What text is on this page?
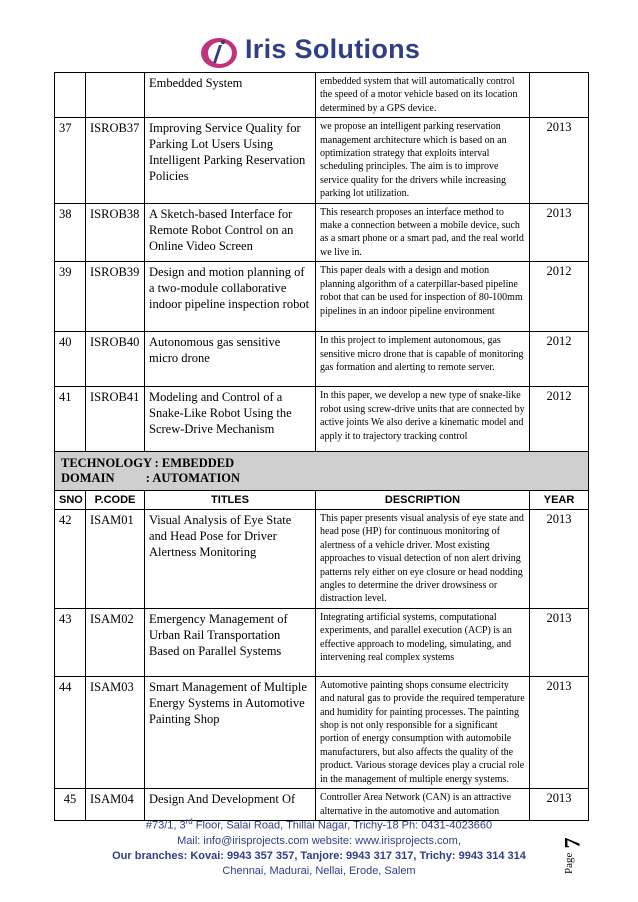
Iris Solutions
		Embedded System	embedded system that will automatically control the speed of a motor vehicle based on its location determined by a GPS device.	
37	ISROB37	Improving Service Quality for Parking Lot Users Using Intelligent Parking Reservation Policies	we propose an intelligent parking reservation management architecture which is based on an optimization strategy that exploits interval scheduling principles. The aim is to improve service quality for the drivers while increasing parking lot utilization.	2013
38	ISROB38	A Sketch-based Interface for Remote Robot Control on an Online Video Screen	This research proposes an interface method to make a connection between a mobile device, such as a smart phone or a smart pad, and the real world we live in.	2013
39	ISROB39	Design and motion planning of a two-module collaborative indoor pipeline inspection robot	This paper deals with a design and motion planning algorithm of a caterpillar-based pipeline robot that can be used for inspection of 80-100mm pipelines in an indoor pipeline environment	2012
40	ISROB40	Autonomous gas sensitive micro drone	In this project to implement autonomous, gas sensitive micro drone that is capable of monitoring gas formation and alerting to remote server.	2012
41	ISROB41	Modeling and Control of a Snake-Like Robot Using the Screw-Drive Mechanism	In this paper, we develop a new type of snake-like robot using screw-drive units that are connected by active joints We also derive a kinematic model and apply it to trajectory tracking control	2012
TECHNOLOGY : EMBEDDED
DOMAIN          : AUTOMATION				

SNO	P.CODE	TITLES	DESCRIPTION	YEAR
42	ISAM01	Visual Analysis of Eye State and Head Pose for Driver Alertness Monitoring	This paper presents visual analysis of eye state and head pose (HP) for continuous monitoring of alertness of a vehicle driver. Most existing approaches to visual detection of non alert driving patterns rely either on eye closure or head nodding angles to determine the driver drowsiness or distraction level.	2013
43	ISAM02	Emergency Management of Urban Rail Transportation Based on Parallel Systems	Integrating artificial systems, computational experiments, and parallel execution (ACP) is an effective approach to modeling, simulating, and intervening real complex systems	2013
44	ISAM03	Smart Management of Multiple Energy Systems in Automotive Painting Shop	Automotive painting shops consume electricity and natural gas to provide the required temperature and humidity for painting processes. The painting shop is not only responsible for a significant portion of energy consumption with automobile manufacturers, but also affects the quality of the product. Various storage devices play a crucial role in the management of multiple energy systems.	2013
45	ISAM04	Design And Development Of	Controller Area Network (CAN) is an attractive alternative in the automotive and automation	2013
#73/1, 3rd Floor, Salai Road, Thillai Nagar, Trichy-18 Ph: 0431-4023660
Mail: info@irisprojects.com website: www.irisprojects.com,
Our branches: Kovai: 9943 357 357, Tanjore: 9943 317 317, Trichy: 9943 314 314
Chennai, Madurai, Nellai, Erode, Salem	Page
7
